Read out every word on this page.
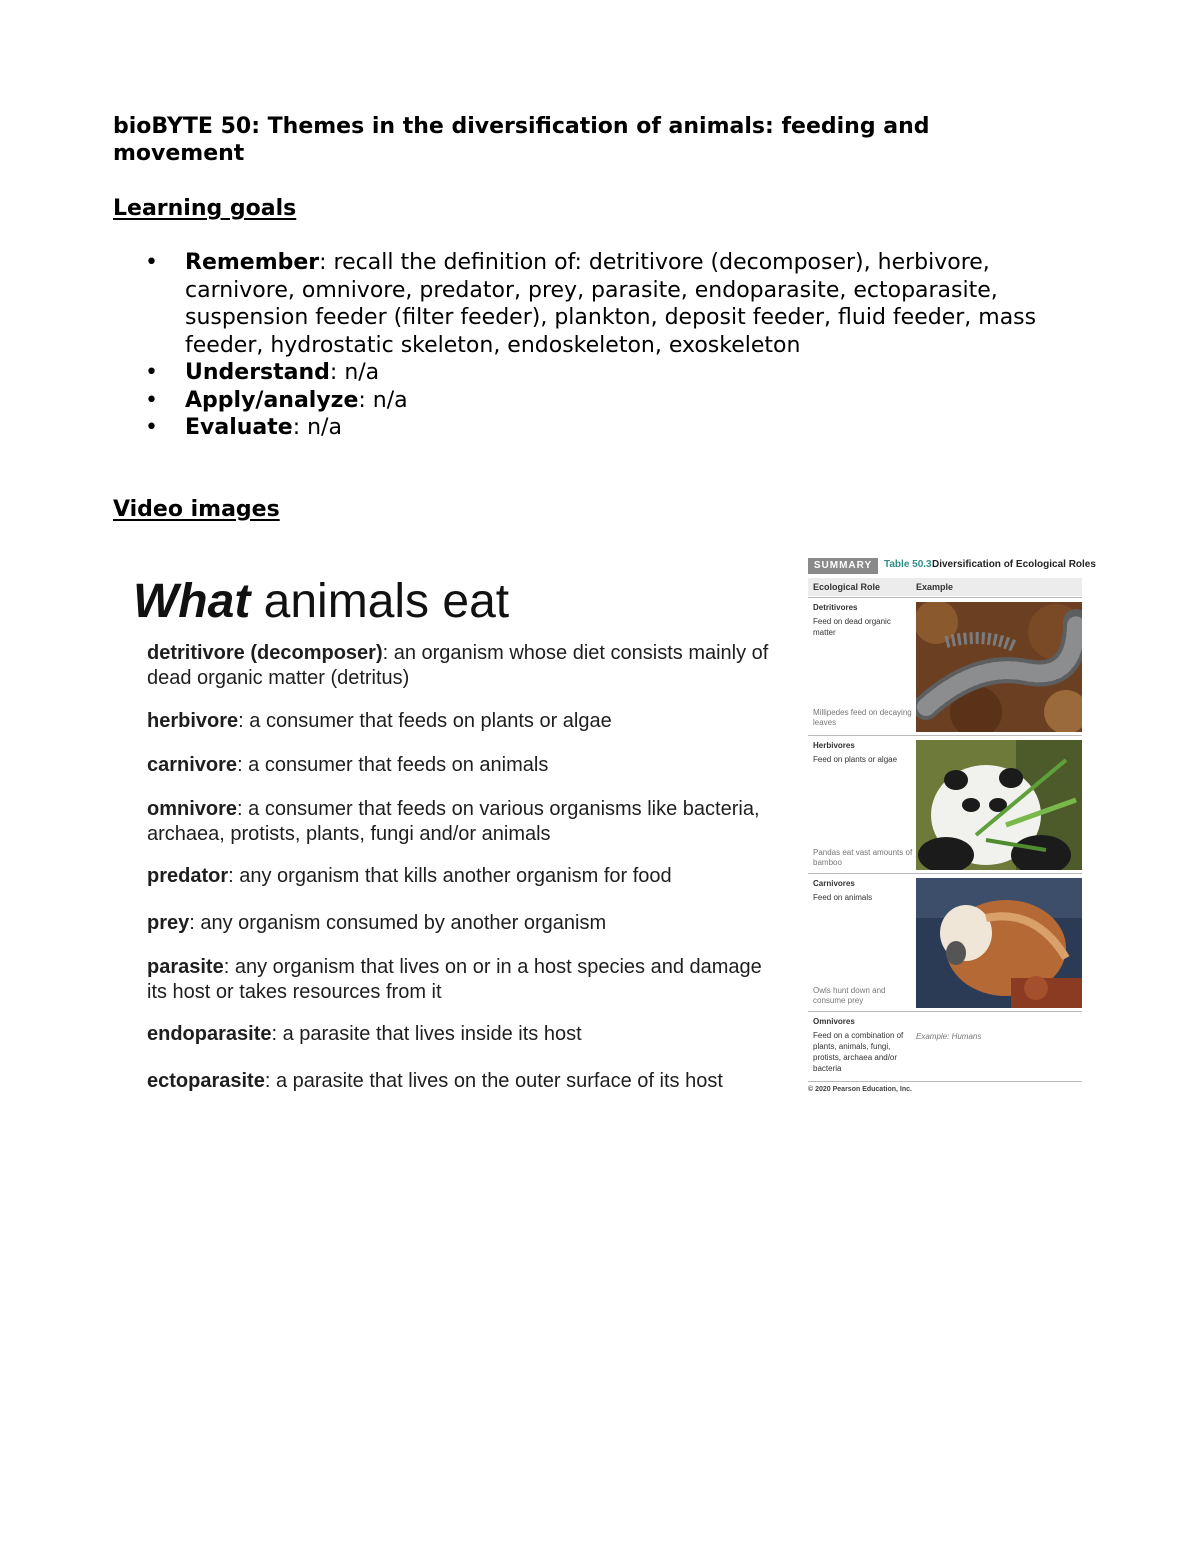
bioBYTE 50: Themes in the diversification of animals: feeding and movement
Learning goals
• Remember: recall the definition of: detritivore (decomposer), herbivore, carnivore, omnivore, predator, prey, parasite, endoparasite, ectoparasite, suspension feeder (filter feeder), plankton, deposit feeder, fluid feeder, mass feeder, hydrostatic skeleton, endoskeleton, exoskeleton
• Understand: n/a
• Apply/analyze: n/a
• Evaluate: n/a
Video images
What animals eat

detritivore (decomposer): an organism whose diet consists mainly of dead organic matter (detritus)

herbivore: a consumer that feeds on plants or algae

carnivore: a consumer that feeds on animals

omnivore: a consumer that feeds on various organisms like bacteria, archaea, protists, plants, fungi and/or animals

predator: any organism that kills another organism for food

prey: any organism consumed by another organism

parasite: any organism that lives on or in a host species and damage its host or takes resources from it

endoparasite: a parasite that lives inside its host

ectoparasite: a parasite that lives on the outer surface of its host

SUMMARY	Table 50.3 Diversification of Ecological Roles
Ecological Role	Example
Detritivores
Feed on dead organic matter
Millipedes feed on decaying leaves
Herbivores
Feed on plants or algae
Pandas eat vast amounts of bamboo
Carnivores
Feed on animals
Owls hunt down and consume prey
Omnivores
Feed on a combination of plants, animals, fungi, protists, archaea and/or bacteria
Example: Humans
© 2020 Pearson Education, Inc.
